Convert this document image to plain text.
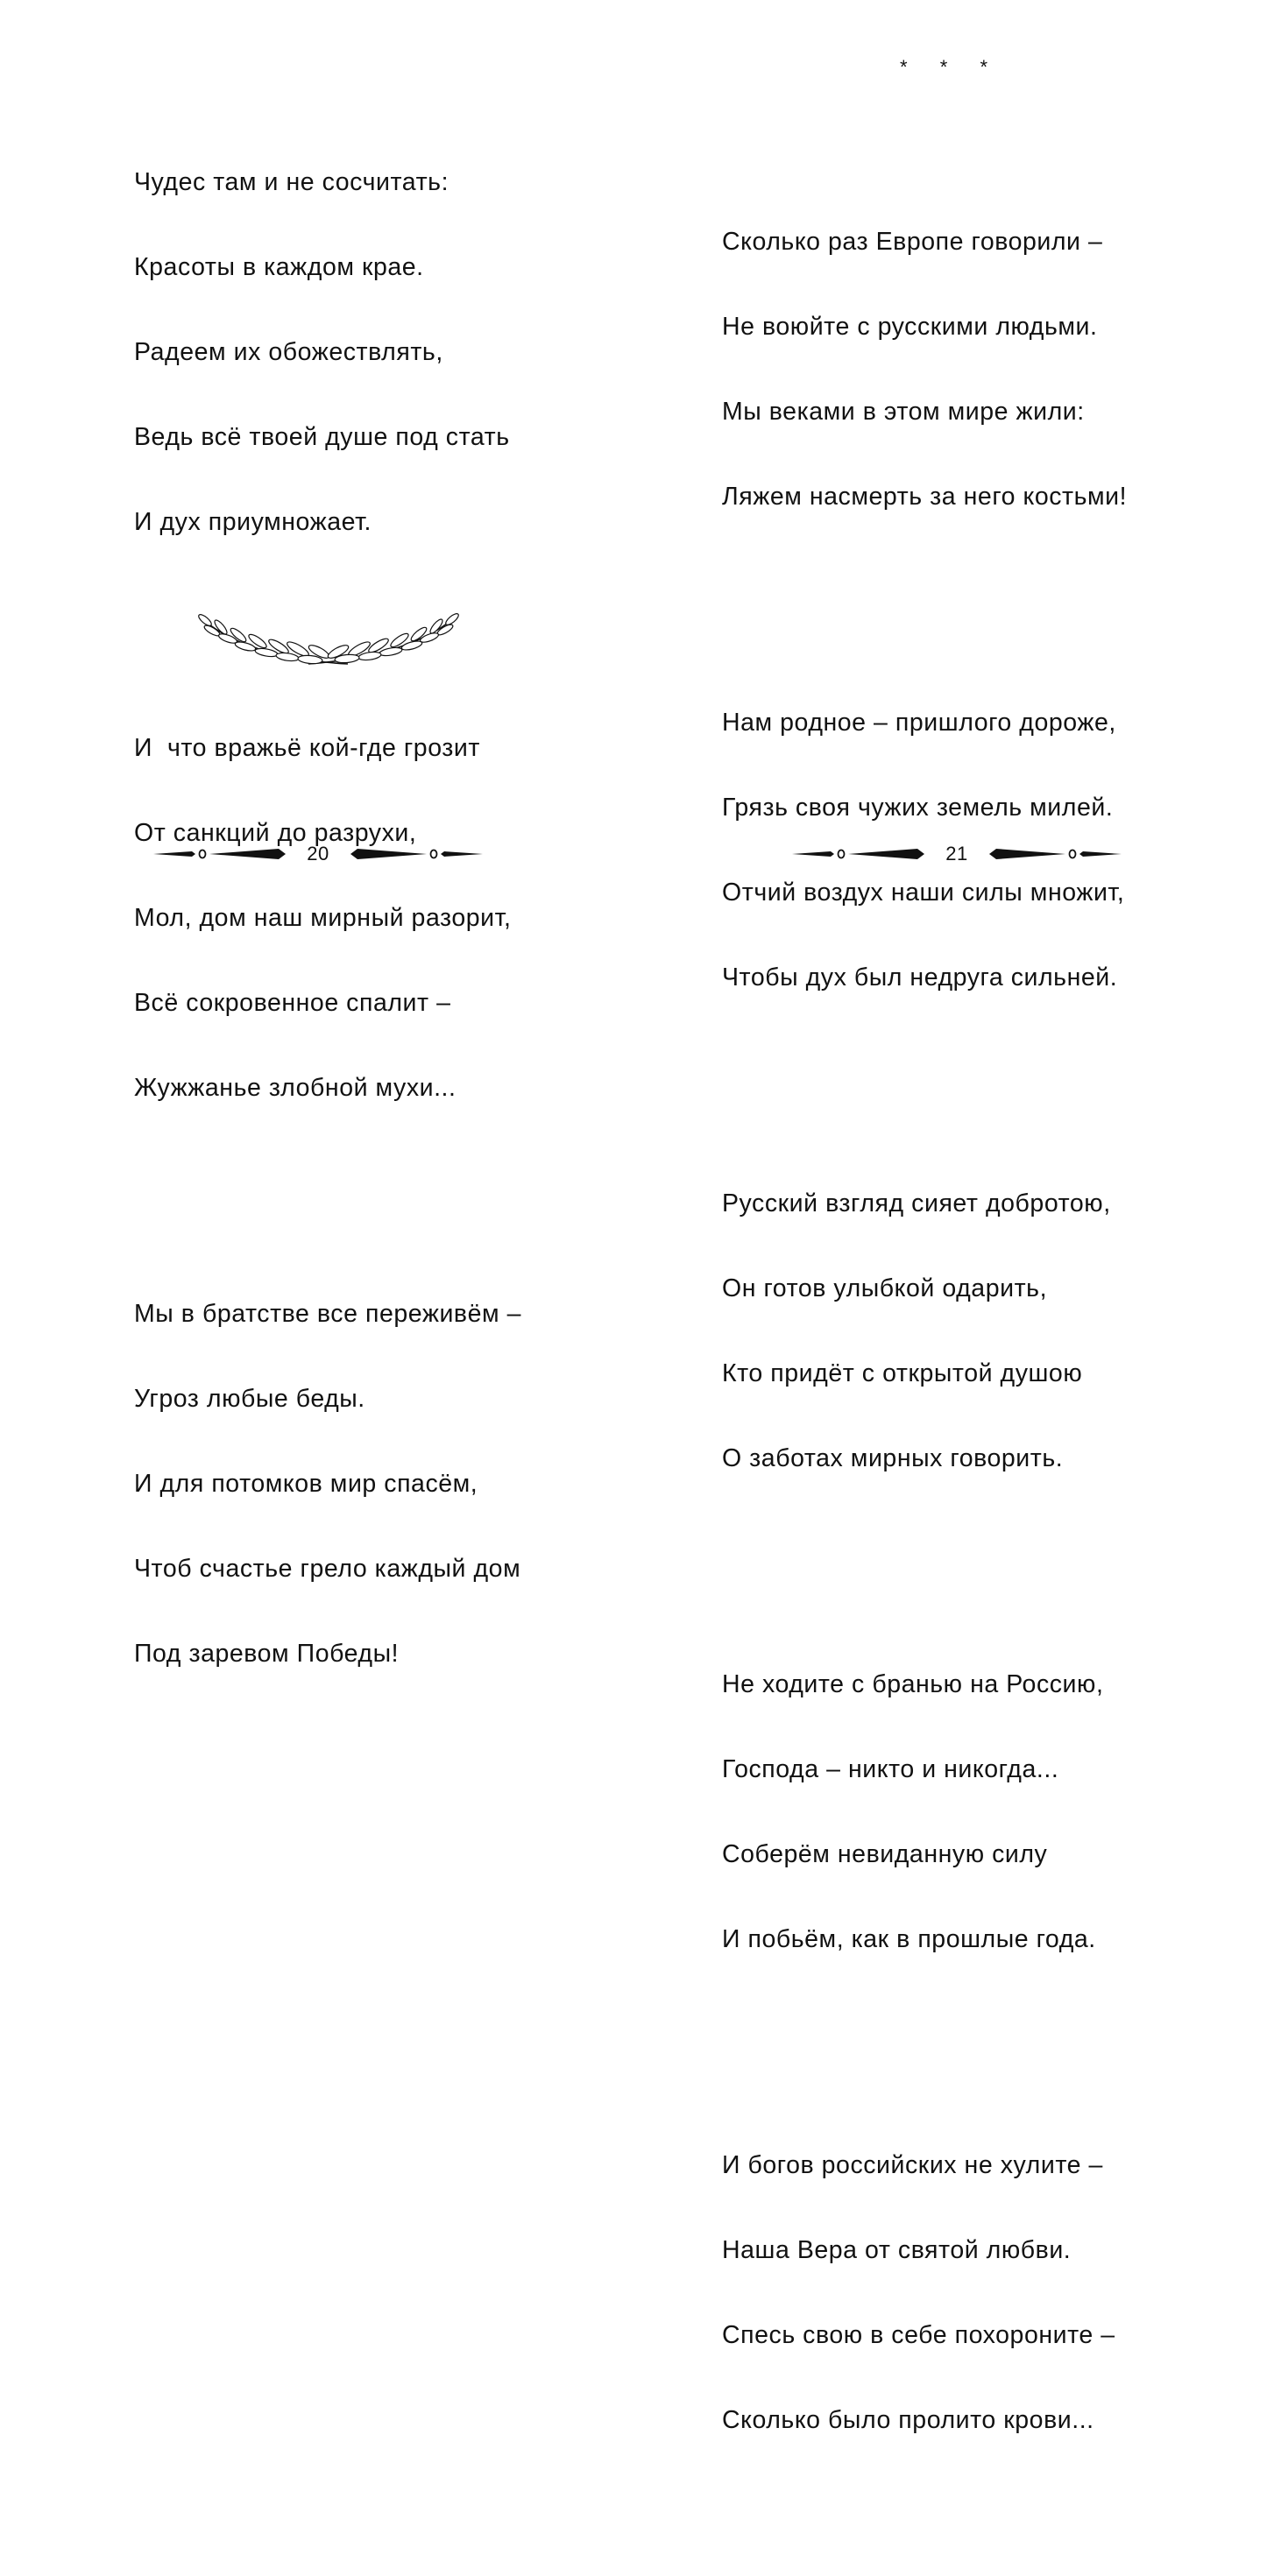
Чудес там и не сосчитать:

Красоты в каждом крае.

Радеем их обожествлять,

Ведь всё твоей душе под стать

И дух приумножает.

И  что вражьё кой-где грозит

От санкций до разрухи,

Мол, дом наш мирный разорит,

Всё сокровенное спалит –

Жужжанье злобной мухи...

Мы в братстве все переживём –

Угроз любые беды.

И для потомков мир спасём,

Чтоб счастье грело каждый дом

Под заревом Победы!

20
* * *

Сколько раз Европе говорили –

Не воюйте с русскими людьми.

Мы веками в этом мире жили:

Ляжем насмерть за него костьми!

Нам родное – пришлого дороже,

Грязь своя чужих земель милей.

Отчий воздух наши силы множит,

Чтобы дух был недруга сильней.

Русский взгляд сияет добротою,

Он готов улыбкой одарить,

Кто придёт с открытой душою

О заботах мирных говорить.

Не ходите с бранью на Россию,

Господа – никто и никогда...

Соберём невиданную силу

И побьём, как в прошлые года.

И богов российских не хулите –

Наша Вера от святой любви.

Спесь свою в себе похороните –

Сколько было пролито крови...

21
